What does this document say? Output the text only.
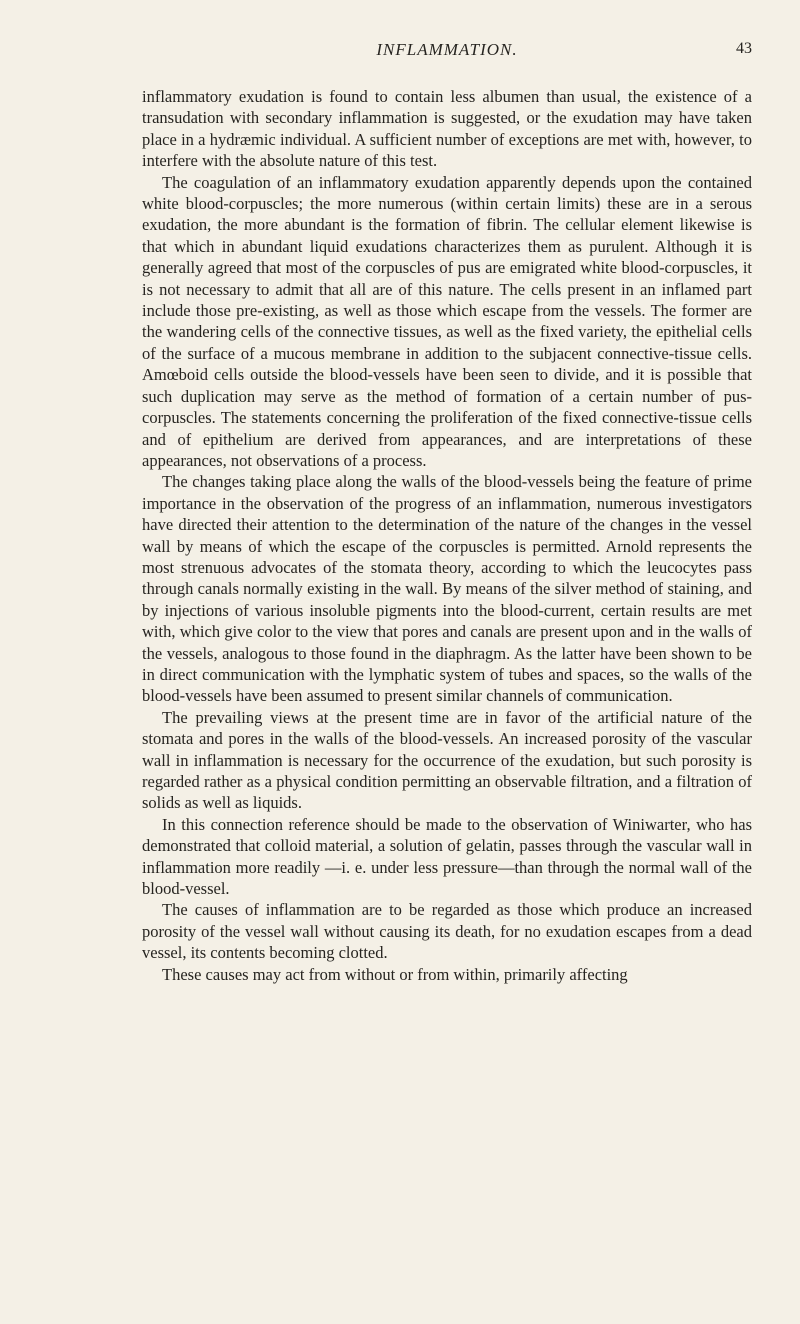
INFLAMMATION.	43

inflammatory exudation is found to contain less albumen than usual, the existence of a transudation with secondary inflammation is suggested, or the exudation may have taken place in a hydræmic individual. A sufficient number of exceptions are met with, however, to interfere with the absolute nature of this test.

The coagulation of an inflammatory exudation apparently depends upon the contained white blood-corpuscles; the more numerous (within certain limits) these are in a serous exudation, the more abundant is the formation of fibrin. The cellular element likewise is that which in abundant liquid exudations characterizes them as purulent. Although it is generally agreed that most of the corpuscles of pus are emigrated white blood-corpuscles, it is not necessary to admit that all are of this nature. The cells present in an inflamed part include those pre-existing, as well as those which escape from the vessels. The former are the wandering cells of the connective tissues, as well as the fixed variety, the epithelial cells of the surface of a mucous membrane in addition to the subjacent connective-tissue cells. Amœboid cells outside the blood-vessels have been seen to divide, and it is possible that such duplication may serve as the method of formation of a certain number of pus-corpuscles. The statements concerning the proliferation of the fixed connective-tissue cells and of epithelium are derived from appearances, and are interpretations of these appearances, not observations of a process.

The changes taking place along the walls of the blood-vessels being the feature of prime importance in the observation of the progress of an inflammation, numerous investigators have directed their attention to the determination of the nature of the changes in the vessel wall by means of which the escape of the corpuscles is permitted. Arnold represents the most strenuous advocates of the stomata theory, according to which the leucocytes pass through canals normally existing in the wall. By means of the silver method of staining, and by injections of various insoluble pigments into the blood-current, certain results are met with, which give color to the view that pores and canals are present upon and in the walls of the vessels, analogous to those found in the diaphragm. As the latter have been shown to be in direct communication with the lymphatic system of tubes and spaces, so the walls of the blood-vessels have been assumed to present similar channels of communication.

The prevailing views at the present time are in favor of the artificial nature of the stomata and pores in the walls of the blood-vessels. An increased porosity of the vascular wall in inflammation is necessary for the occurrence of the exudation, but such porosity is regarded rather as a physical condition permitting an observable filtration, and a filtration of solids as well as liquids.

In this connection reference should be made to the observation of Winiwarter, who has demonstrated that colloid material, a solution of gelatin, passes through the vascular wall in inflammation more readily —i. e. under less pressure—than through the normal wall of the blood-vessel.

The causes of inflammation are to be regarded as those which produce an increased porosity of the vessel wall without causing its death, for no exudation escapes from a dead vessel, its contents becoming clotted.

These causes may act from without or from within, primarily affecting
